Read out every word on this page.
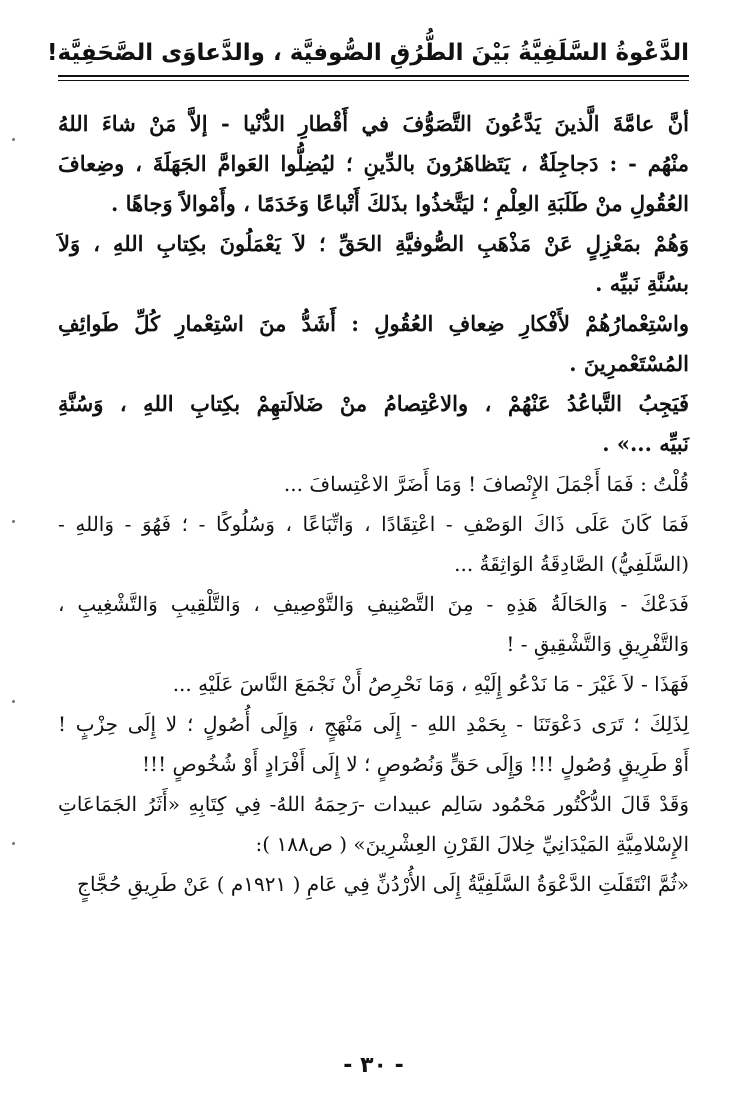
الدَّعْوةُ السَّلَفِيَّةُ بَيْنَ الطُّرُقِ الصُّوفيَّة ، والدَّعاوَى الصَّحَفِيَّة!
أنَّ عامَّةَ الَّذينَ يَدَّعُونَ التَّصَوُّفَ في أَقْطارِ الدُّنْيا - إلاَّ مَنْ شاءَ اللهُ
منْهُم - : دَجاجِلَةٌ ، يَتَظاهَرُونَ بالدِّينِ ؛ ليُضِلُّوا العَوامَّ الجَهَلَةَ ، وضِعافَ
العُقُولِ منْ طَلَبَةِ العِلْمِ ؛ ليَتَّخذُوا بذَلكَ أَتْباعًا وَخَدَمًا ، وأَمْوالاً وَجاهًا .
وَهُمْ بمَعْزِلٍ عَنْ مَذْهَبِ الصُّوفيَّةِ الحَقِّ ؛ لاَ يَعْمَلُونَ بكِتابِ اللهِ ، وَلاَ
بسُنَّةِ نَبيِّه .
واسْتِعْمارُهُمْ لأَفْكارِ ضِعافِ العُقُولِ : أَشَدُّ منَ اسْتِعْمارِ كُلِّ طَوائِفِ
المُسْتَعْمرِينَ .
فَيَجِبُ التَّباعُدُ عَنْهُمْ ، والاعْتِصامُ منْ ضَلالَتهِمْ بكِتابِ اللهِ ، وَسُنَّةِ
نَبيِّه ...» .
قُلْتُ : فَمَا أَجْمَلَ الإِنْصافَ ! وَمَا أَضَرَّ الاعْتِسافَ ...
فَمَا كَانَ عَلَى ذَاكَ الوَصْفِ - اعْتِقَادًا ، وَاتِّبَاعًا ، وَسُلُوكًا - ؛ فَهُوَ - وَاللهِ -
(السَّلَفِيُّ) الصَّادِقَةُ الوَاثِقَةُ ...
فَدَعْكَ - وَالحَالَةُ هَذِهِ - مِنَ التَّصْنِيفِ وَالتَّوْصِيفِ ، وَالتَّلْقِيبِ وَالتَّشْغِيبِ ،
وَالتَّفْرِيقِ وَالتَّشْقِيقِ - !
فَهَذَا - لاَ غَيْرَ - مَا نَدْعُو إِلَيْهِ ، وَمَا نَحْرِصُ أَنْ نَجْمَعَ النَّاسَ عَلَيْهِ ...
لِذَلِكَ ؛ تَرَى دَعْوَتَنَا - بِحَمْدِ اللهِ - إِلَى مَنْهَجٍ ، وَإِلَى أُصُولٍ ؛ لا إِلَى حِزْبٍ !
أَوْ طَرِيقٍ وُصُولٍ !!! وَإِلَى حَقٍّ وَنُصُوصٍ ؛ لا إِلَى أَفْرَادٍ أَوْ شُخُوصٍ !!!
وَقَدْ قَالَ الدُّكْتُور مَحْمُود سَالِم عبيدات -رَحِمَهُ اللهُ- فِي كِتَابِهِ «أَثَرُ الجَمَاعَاتِ
الإِسْلامِيَّةِ المَيْدَانِيِّ خِلالَ القَرْنِ العِشْرِينَ» ( ص١٨٨ ):
«ثُمَّ انْتَقَلَتِ الدَّعْوَةُ السَّلَفِيَّةُ إِلَى الأُرْدُنِّ فِي عَامِ ( ١٩٢١م ) عَنْ طَرِيقِ حُجَّاجٍ
- ٣٠ -
